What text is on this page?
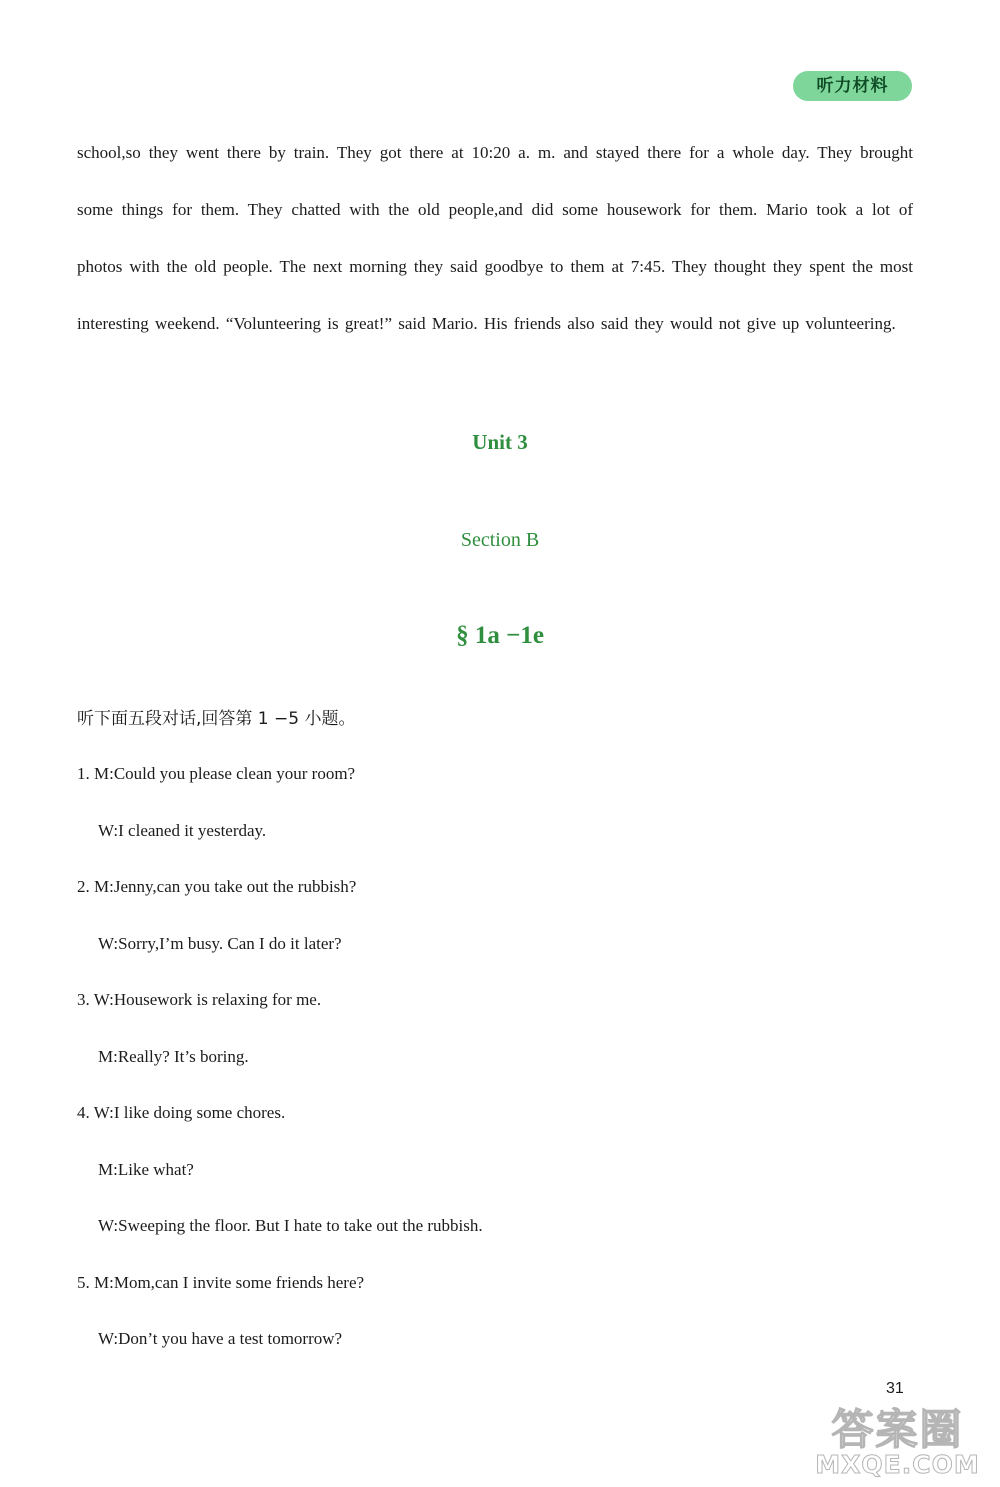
听力材料

school,so they went there by train. They got there at 10:20 a. m. and stayed there for a whole day. They brought some things for them. They chatted with the old people,and did some housework for them. Mario took a lot of photos with the old people. The next morning they said goodbye to them at 7:45. They thought they spent the most interesting weekend. “Volunteering is great!” said Mario. His friends also said they would not give up volunteering.

Unit 3
Section B
§ 1a −1e
听下面五段对话,回答第 1 −5 小题。
1. M:Could you please clean your room?
W:I cleaned it yesterday.
2. M:Jenny,can you take out the rubbish?
W:Sorry,I’m busy. Can I do it later?
3. W:Housework is relaxing for me.
M:Really? It’s boring.
4. W:I like doing some chores.
M:Like what?
W:Sweeping the floor. But I hate to take out the rubbish.
5. M:Mom,can I invite some friends here?
W:Don’t you have a test tomorrow?
31
答案圈
MXQE.COM
